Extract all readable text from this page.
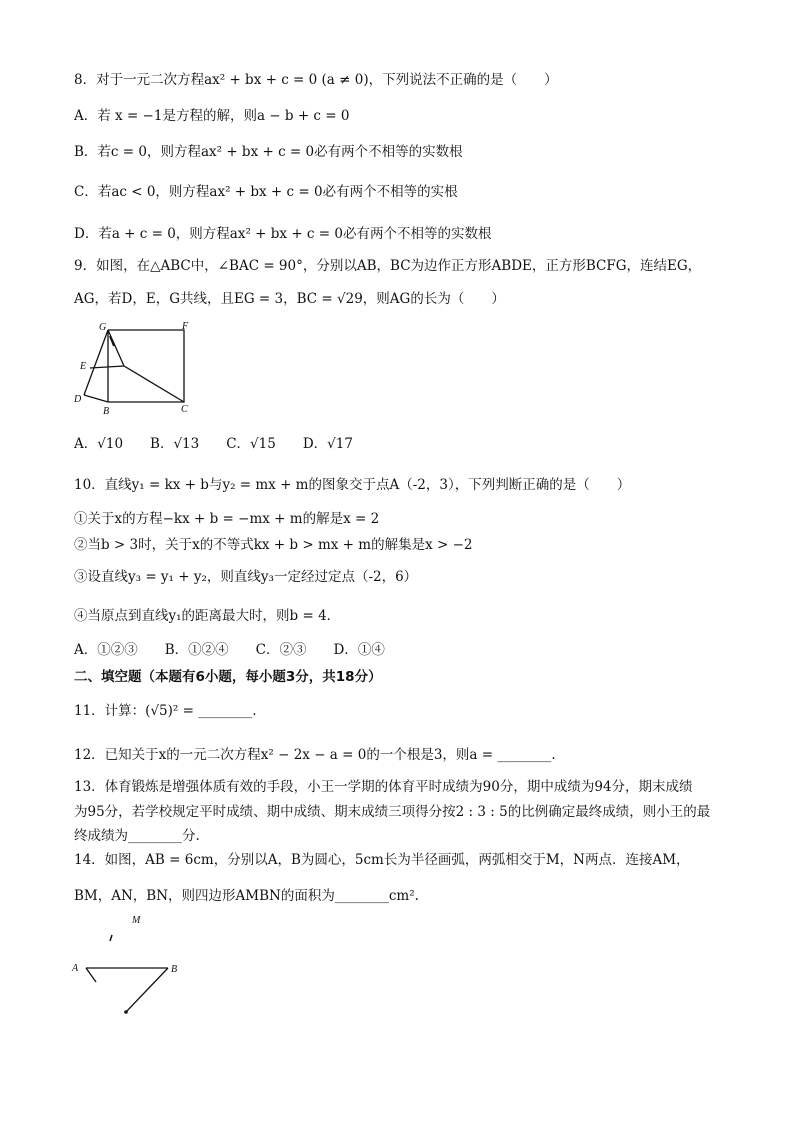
8．对于一元二次方程ax² + bx + c = 0 (a ≠ 0)，下列说法不正确的是（　　）
A．若 x = −1是方程的解，则a − b + c = 0
B．若c = 0，则方程ax² + bx + c = 0必有两个不相等的实数根
C．若ac < 0，则方程ax² + bx + c = 0必有两个不相等的实根
D．若a + c = 0，则方程ax² + bx + c = 0必有两个不相等的实数根
9．如图，在△ABC中，∠BAC = 90°，分别以AB，BC为边作正方形ABDE，正方形BCFG，连结EG，
AG，若D，E，G共线，且EG = 3，BC = √29，则AG的长为（　　）
G	F
E
D
B	C
A．√10　　B．√13　　C．√15　　D．√17
10．直线y₁ = kx + b与y₂ = mx + m的图象交于点A（-2，3），下列判断正确的是（　　）
①关于x的方程−kx + b = −mx + m的解是x = 2
②当b > 3时，关于x的不等式kx + b > mx + m的解集是x > −2
③设直线y₃ = y₁ + y₂，则直线y₃一定经过定点（-2，6）
④当原点到直线y₁的距离最大时，则b = 4．
A．①②③　　B．①②④　　C．②③　　D．①④
二、填空题（本题有6小题，每小题3分，共18分）
11．计算：(√5)² = ________.
12．已知关于x的一元二次方程x² − 2x − a = 0的一个根是3，则a = ________.
13．体育锻炼是增强体质有效的手段，小王一学期的体育平时成绩为90分，期中成绩为94分，期末成绩
为95分，若学校规定平时成绩、期中成绩、期末成绩三项得分按2 : 3 : 5的比例确定最终成绩，则小王的最
终成绩为________分.
14．如图，AB = 6cm，分别以A，B为圆心，5cm长为半径画弧，两弧相交于M，N两点．连接AM，
BM，AN，BN，则四边形AMBN的面积为________cm².
M
A	B
